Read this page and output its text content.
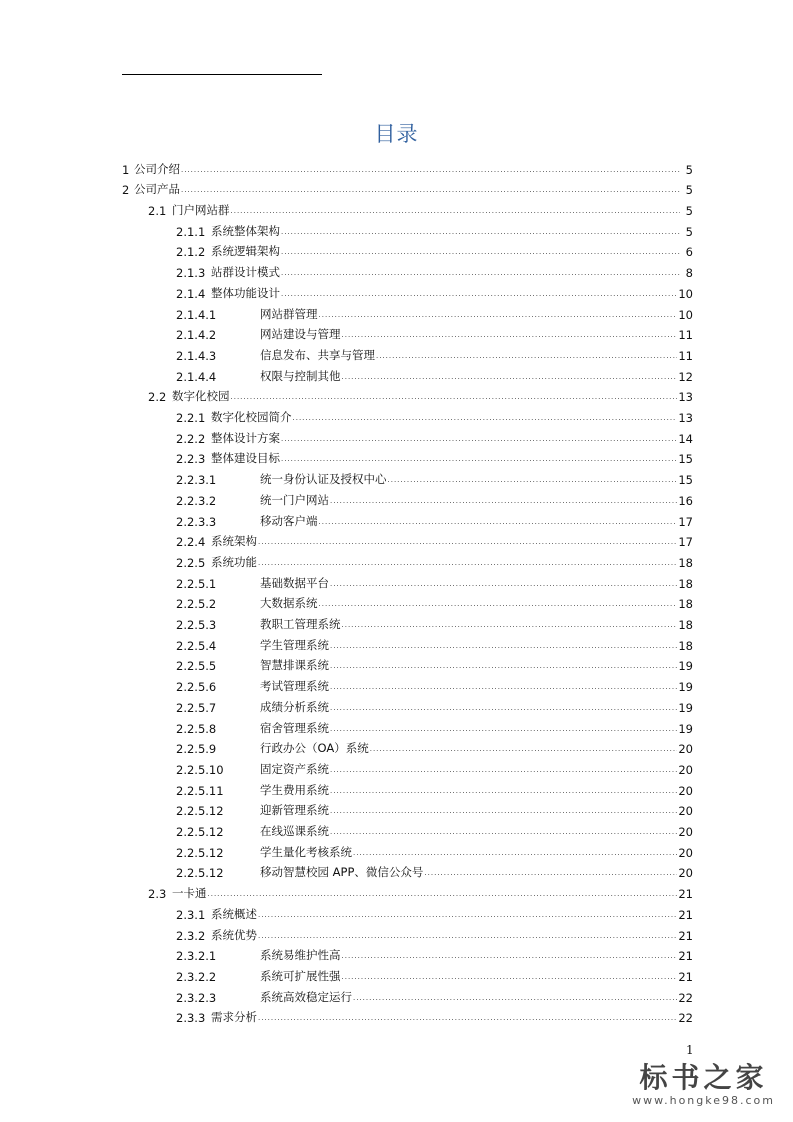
目录
1 公司介绍 .....	5
2 公司产品 .....	5
2.1 门户网站群 .....	5
2.1.1 系统整体架构 .....	5
2.1.2 系统逻辑架构 .....	6
2.1.3 站群设计模式 .....	8
2.1.4 整体功能设计 .....	10
2.1.4.1	网站群管理 .....	10
2.1.4.2	网站建设与管理 .....	11
2.1.4.3	信息发布、共享与管理 .....	11
2.1.4.4	权限与控制其他 .....	12
2.2 数字化校园 .....	13
2.2.1 数字化校园简介 .....	13
2.2.2 整体设计方案 .....	14
2.2.3 整体建设目标 .....	15
2.2.3.1	统一身份认证及授权中心 .....	15
2.2.3.2	统一门户网站 .....	16
2.2.3.3	移动客户端 .....	17
2.2.4 系统架构 .....	17
2.2.5 系统功能 .....	18
2.2.5.1	基础数据平台 .....	18
2.2.5.2	大数据系统 .....	18
2.2.5.3	教职工管理系统 .....	18
2.2.5.4	学生管理系统 .....	18
2.2.5.5	智慧排课系统 .....	19
2.2.5.6	考试管理系统 .....	19
2.2.5.7	成绩分析系统 .....	19
2.2.5.8	宿舍管理系统 .....	19
2.2.5.9	行政办公（OA）系统 .....	20
2.2.5.10	固定资产系统 .....	20
2.2.5.11	学生费用系统 .....	20
2.2.5.12	迎新管理系统 .....	20
2.2.5.12	在线巡课系统 .....	20
2.2.5.12	学生量化考核系统 .....	20
2.2.5.12	移动智慧校园 APP、微信公众号 .....	20
2.3 一卡通 .....	21
2.3.1 系统概述 .....	21
2.3.2 系统优势 .....	21
2.3.2.1	系统易维护性高 .....	21
2.3.2.2	系统可扩展性强 .....	21
2.3.2.3	系统高效稳定运行 .....	22
2.3.3 需求分析 .....	22
1
标书之家
www.hongke98.com
